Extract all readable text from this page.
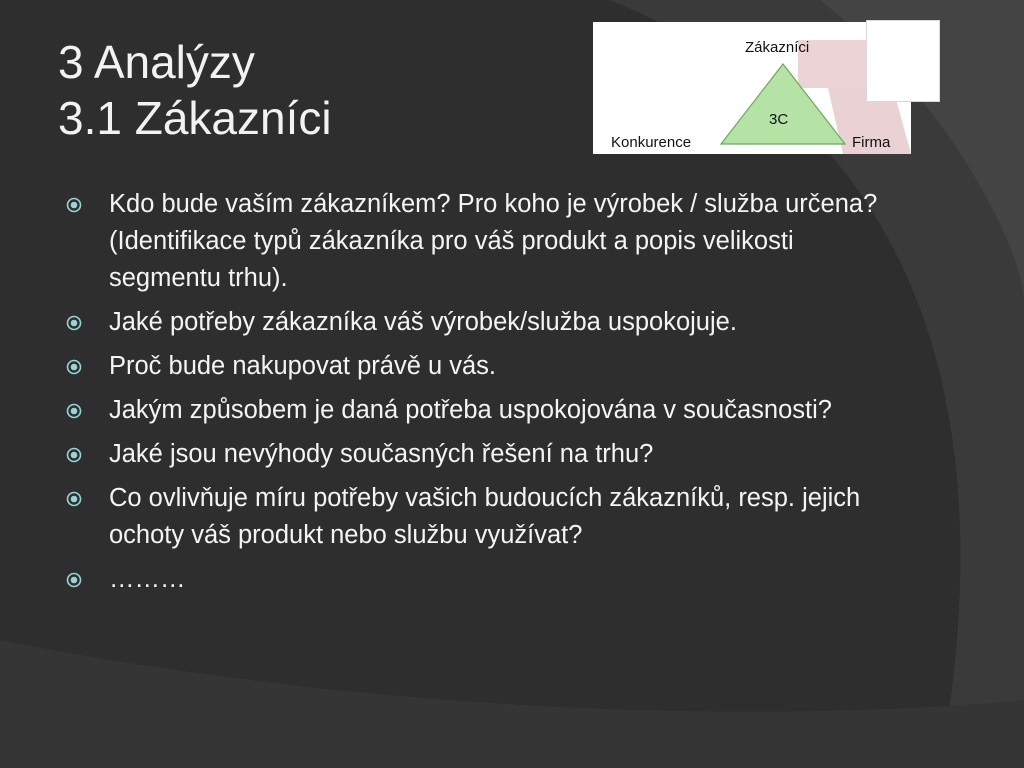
3 Analýzy
3.1 Zákazníci
Zákazníci
3C
Konkurence	Firma
Kdo bude vaším zákazníkem? Pro koho je výrobek / služba určena? (Identifikace typů zákazníka pro váš produkt a popis velikosti segmentu trhu).
Jaké potřeby zákazníka váš výrobek/služba uspokojuje.
Proč bude nakupovat právě u vás.
Jakým způsobem je daná potřeba uspokojována v současnosti?
Jaké jsou nevýhody současných řešení na trhu?
Co ovlivňuje míru potřeby vašich budoucích zákazníků, resp. jejich ochoty váš produkt nebo službu využívat?
………
